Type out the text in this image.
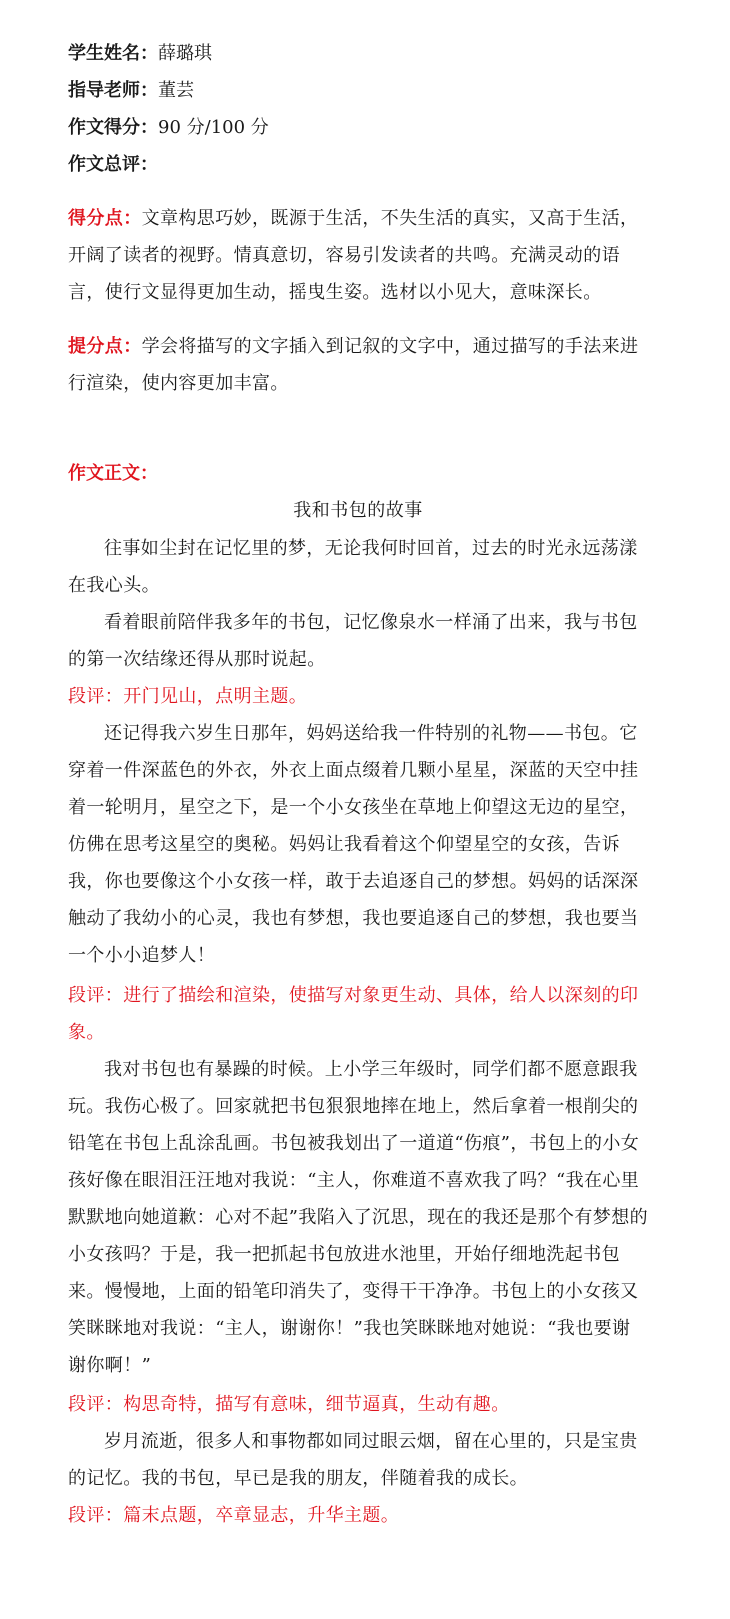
学生姓名：薛璐琪
指导老师：董芸
作文得分：90 分/100 分
作文总评：
得分点：文章构思巧妙，既源于生活，不失生活的真实，又高于生活，开阔了读者的视野。情真意切，容易引发读者的共鸣。充满灵动的语言，使行文显得更加生动，摇曳生姿。选材以小见大，意味深长。
提分点：学会将描写的文字插入到记叙的文字中，通过描写的手法来进行渲染，使内容更加丰富。
作文正文：
我和书包的故事
往事如尘封在记忆里的梦，无论我何时回首，过去的时光永远荡漾在我心头。
看着眼前陪伴我多年的书包，记忆像泉水一样涌了出来，我与书包的第一次结缘还得从那时说起。
段评：开门见山，点明主题。
还记得我六岁生日那年，妈妈送给我一件特别的礼物——书包。它穿着一件深蓝色的外衣，外衣上面点缀着几颗小星星，深蓝的天空中挂着一轮明月，星空之下，是一个小女孩坐在草地上仰望这无边的星空，仿佛在思考这星空的奥秘。妈妈让我看着这个仰望星空的女孩，告诉我，你也要像这个小女孩一样，敢于去追逐自己的梦想。妈妈的话深深触动了我幼小的心灵，我也有梦想，我也要追逐自己的梦想，我也要当一个小小追梦人！
段评：进行了描绘和渲染，使描写对象更生动、具体，给人以深刻的印象。
我对书包也有暴躁的时候。上小学三年级时，同学们都不愿意跟我玩。我伤心极了。回家就把书包狠狠地摔在地上，然后拿着一根削尖的铅笔在书包上乱涂乱画。书包被我划出了一道道“伤痕”，书包上的小女孩好像在眼泪汪汪地对我说：“主人，你难道不喜欢我了吗？“我在心里默默地向她道歉：心对不起”我陷入了沉思，现在的我还是那个有梦想的小女孩吗？于是，我一把抓起书包放进水池里，开始仔细地洗起书包来。慢慢地，上面的铅笔印消失了，变得干干净净。书包上的小女孩又笑眯眯地对我说：“主人，谢谢你！”我也笑眯眯地对她说：“我也要谢谢你啊！”
段评：构思奇特，描写有意味，细节逼真，生动有趣。
岁月流逝，很多人和事物都如同过眼云烟，留在心里的，只是宝贵的记忆。我的书包，早已是我的朋友，伴随着我的成长。
段评：篇末点题，卒章显志，升华主题。
